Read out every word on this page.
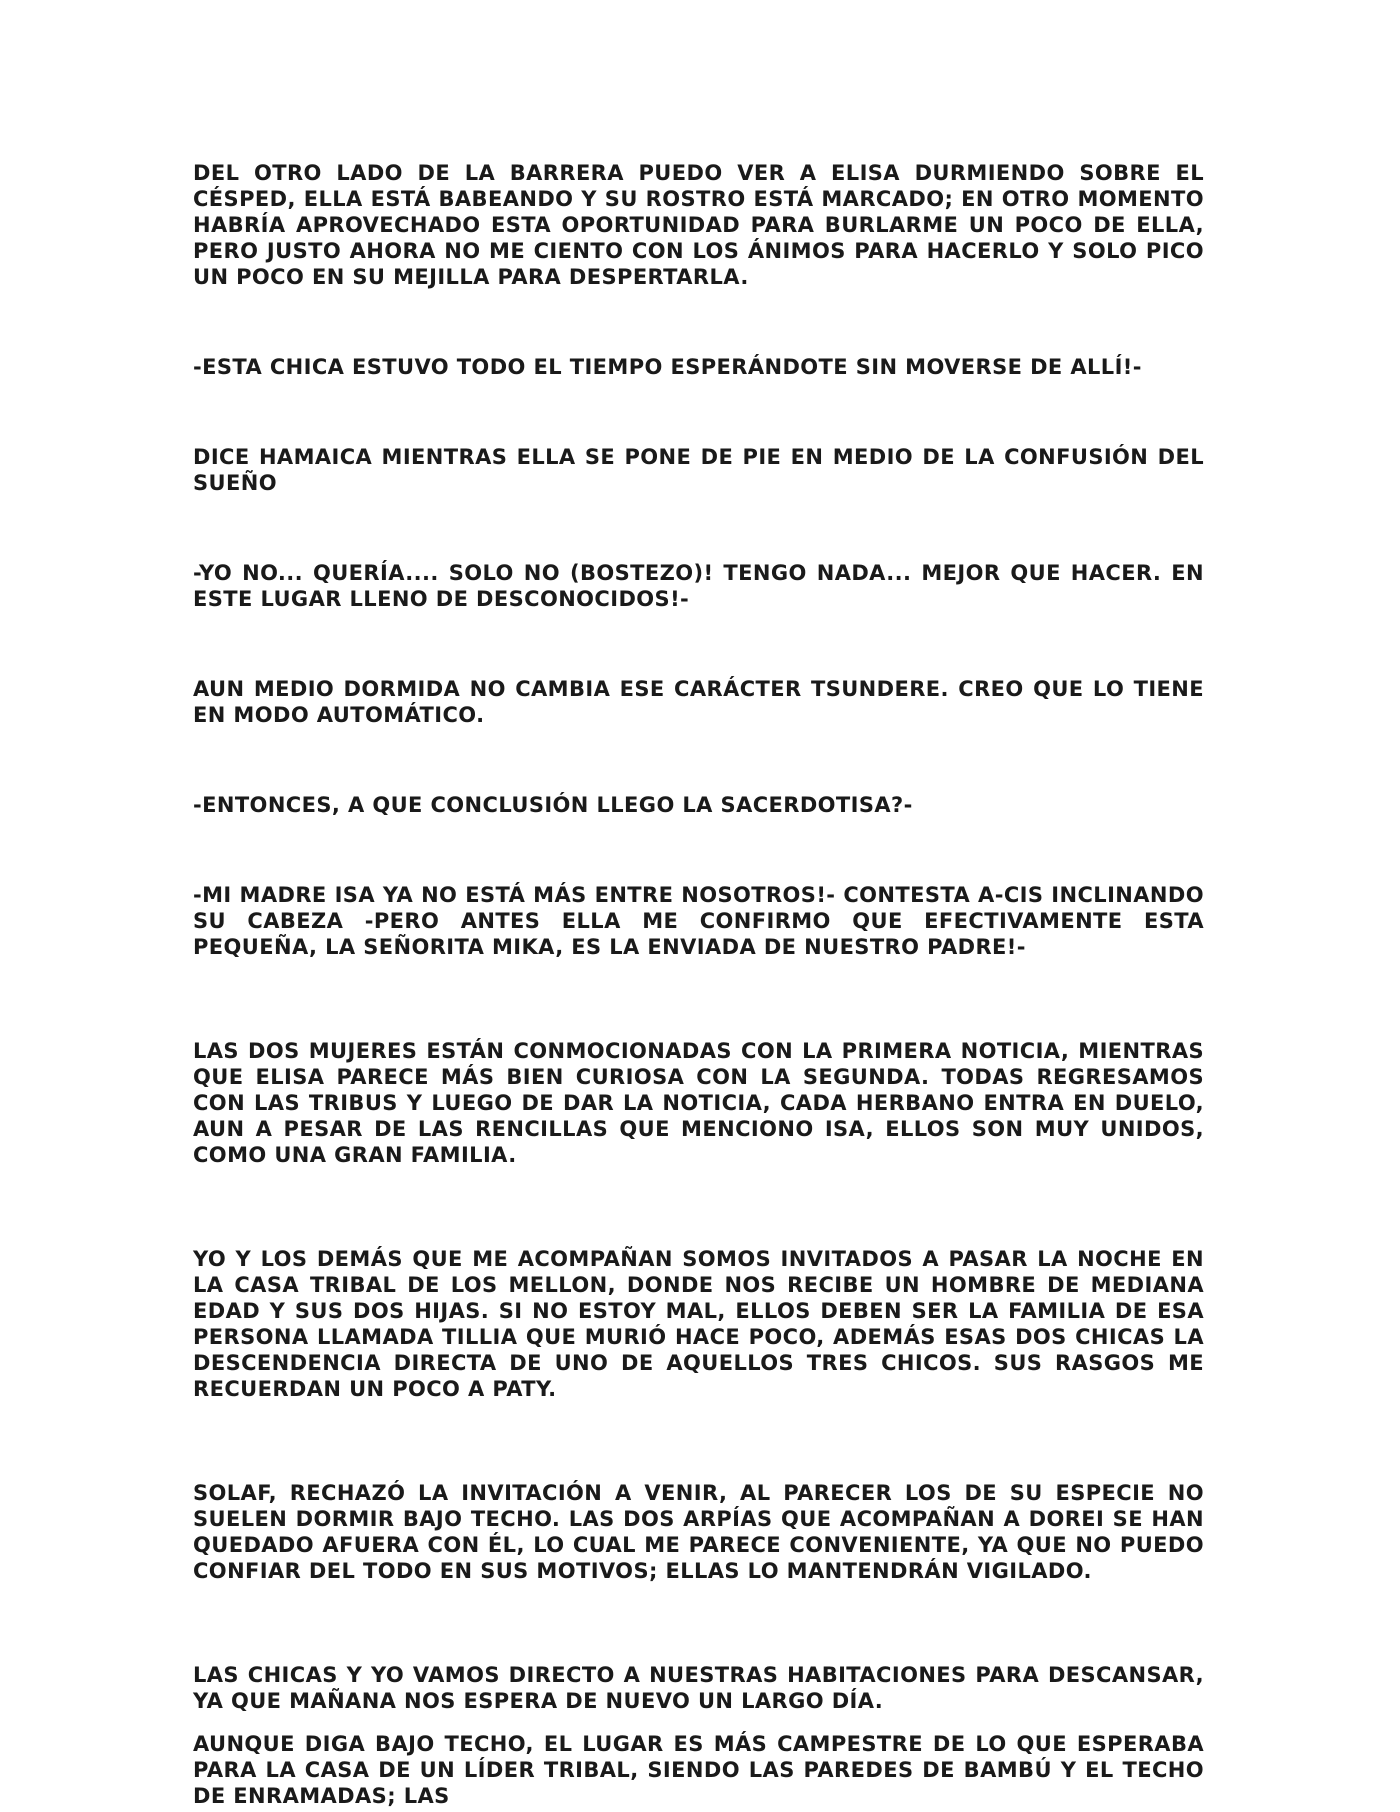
DEL OTRO LADO DE LA BARRERA PUEDO VER A ELISA DURMIENDO SOBRE EL CÉSPED, ELLA ESTÁ BABEANDO Y SU ROSTRO ESTÁ MARCADO; EN OTRO MOMENTO HABRÍA APROVECHADO ESTA OPORTUNIDAD PARA BURLARME UN POCO DE ELLA, PERO JUSTO AHORA NO ME CIENTO CON LOS ÁNIMOS PARA HACERLO Y SOLO PICO UN POCO EN SU MEJILLA PARA DESPERTARLA.

-ESTA CHICA ESTUVO TODO EL TIEMPO ESPERÁNDOTE SIN MOVERSE DE ALLÍ!-

DICE HAMAICA MIENTRAS ELLA SE PONE DE PIE EN MEDIO DE LA CONFUSIÓN DEL SUEÑO

-YO NO... QUERÍA.... SOLO NO (BOSTEZO)! TENGO NADA... MEJOR QUE HACER. EN ESTE LUGAR LLENO DE DESCONOCIDOS!-

AUN MEDIO DORMIDA NO CAMBIA ESE CARÁCTER TSUNDERE. CREO QUE LO TIENE EN MODO AUTOMÁTICO.

-ENTONCES, A QUE CONCLUSIÓN LLEGO LA SACERDOTISA?-

-MI MADRE ISA YA NO ESTÁ MÁS ENTRE NOSOTROS!- CONTESTA A-CIS INCLINANDO SU CABEZA -PERO ANTES ELLA ME CONFIRMO QUE EFECTIVAMENTE ESTA PEQUEÑA, LA SEÑORITA MIKA, ES LA ENVIADA DE NUESTRO PADRE!-

LAS DOS MUJERES ESTÁN CONMOCIONADAS CON LA PRIMERA NOTICIA, MIENTRAS QUE ELISA PARECE MÁS BIEN CURIOSA CON LA SEGUNDA. TODAS REGRESAMOS CON LAS TRIBUS Y LUEGO DE DAR LA NOTICIA, CADA HERBANO ENTRA EN DUELO, AUN A PESAR DE LAS RENCILLAS QUE MENCIONO ISA, ELLOS SON MUY UNIDOS, COMO UNA GRAN FAMILIA.

YO Y LOS DEMÁS QUE ME ACOMPAÑAN SOMOS INVITADOS A PASAR LA NOCHE EN LA CASA TRIBAL DE LOS MELLON, DONDE NOS RECIBE UN HOMBRE DE MEDIANA EDAD Y SUS DOS HIJAS. SI NO ESTOY MAL, ELLOS DEBEN SER LA FAMILIA DE ESA PERSONA LLAMADA TILLIA QUE MURIÓ HACE POCO, ADEMÁS ESAS DOS CHICAS LA DESCENDENCIA DIRECTA DE UNO DE AQUELLOS TRES CHICOS. SUS RASGOS ME RECUERDAN UN POCO A PATY.

SOLAF, RECHAZÓ LA INVITACIÓN A VENIR, AL PARECER LOS DE SU ESPECIE NO SUELEN DORMIR BAJO TECHO. LAS DOS ARPÍAS QUE ACOMPAÑAN A DOREI SE HAN QUEDADO AFUERA CON ÉL, LO CUAL ME PARECE CONVENIENTE, YA QUE NO PUEDO CONFIAR DEL TODO EN SUS MOTIVOS; ELLAS LO MANTENDRÁN VIGILADO.

LAS CHICAS Y YO VAMOS DIRECTO A NUESTRAS HABITACIONES PARA DESCANSAR, YA QUE MAÑANA NOS ESPERA DE NUEVO UN LARGO DÍA.

AUNQUE DIGA BAJO TECHO, EL LUGAR ES MÁS CAMPESTRE DE LO QUE ESPERABA PARA LA CASA DE UN LÍDER TRIBAL, SIENDO LAS PAREDES DE BAMBÚ Y EL TECHO DE ENRAMADAS; LAS
